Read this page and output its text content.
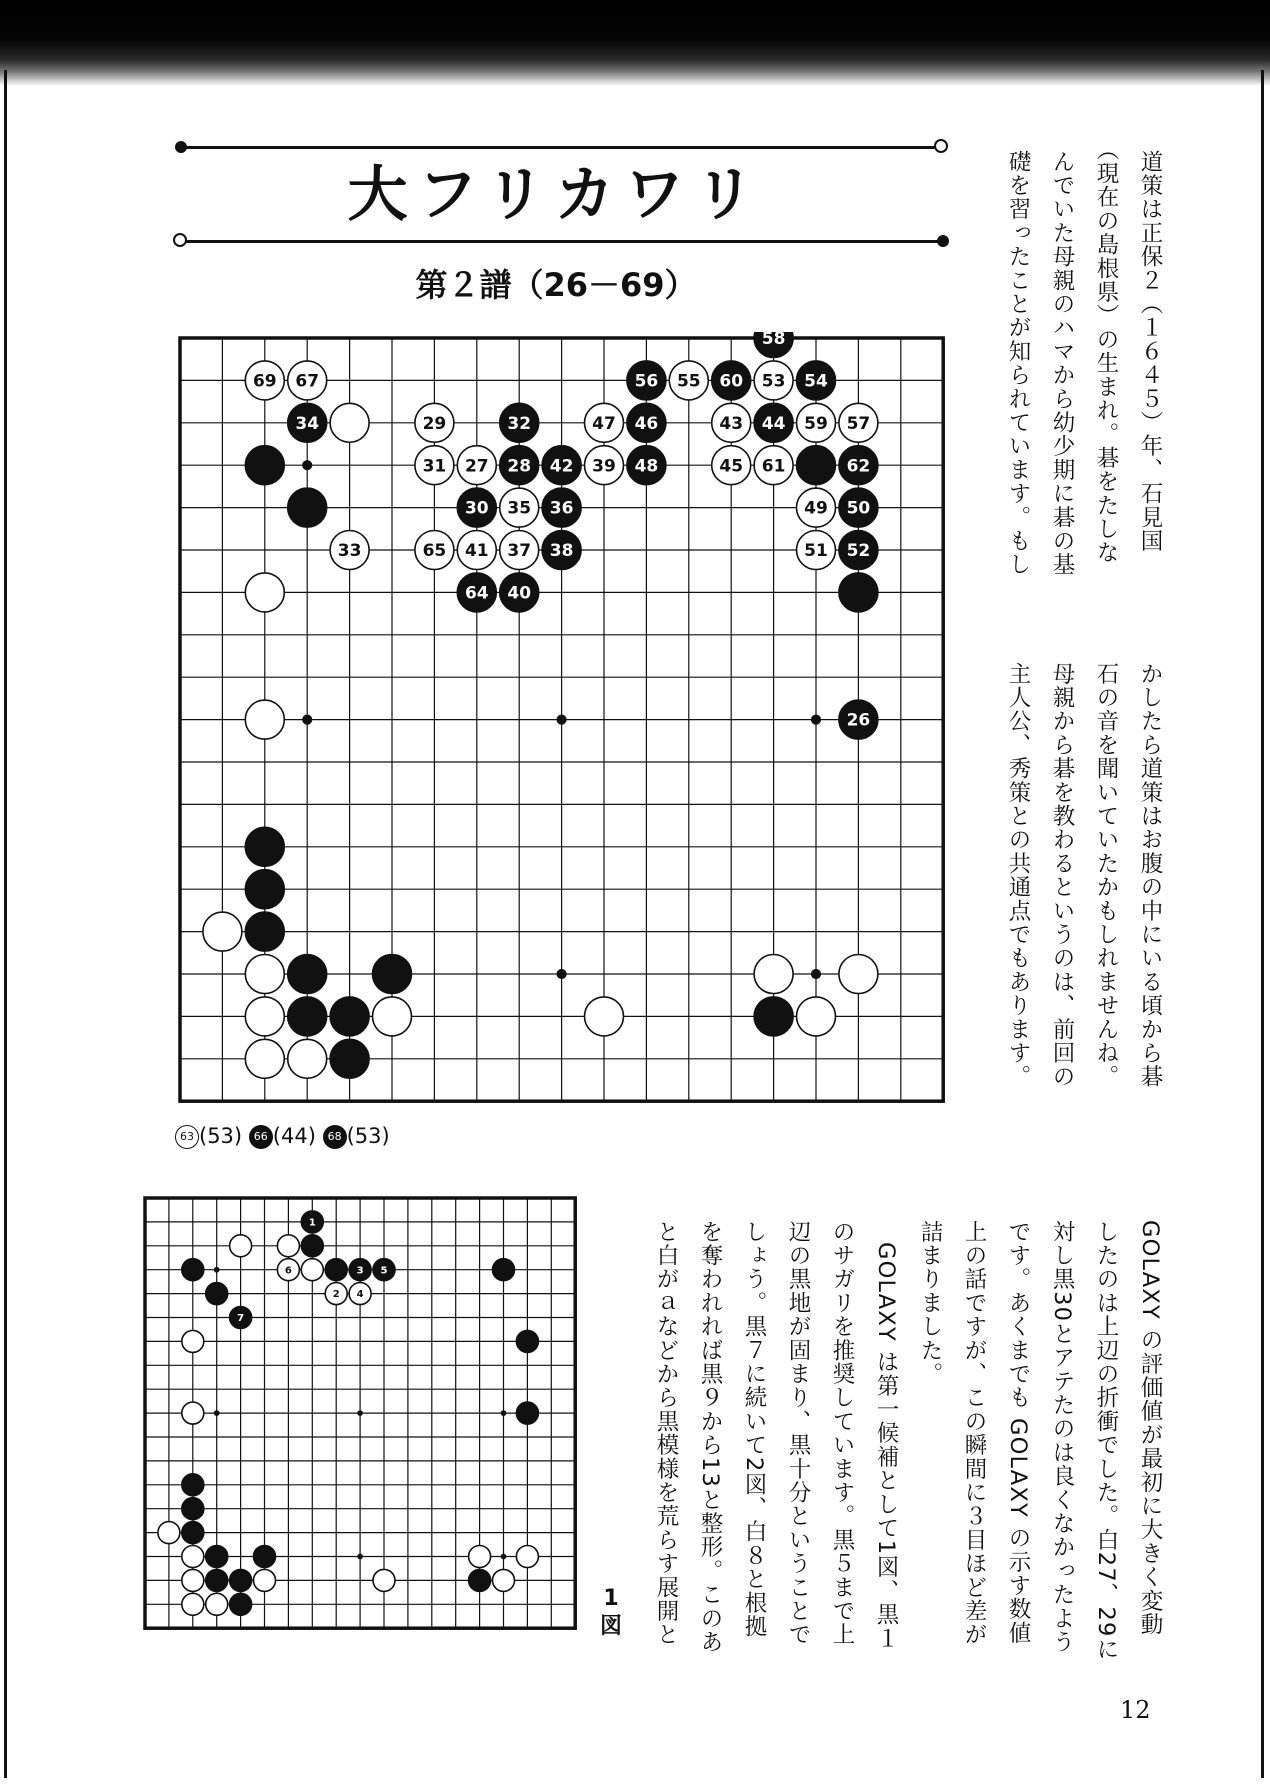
大フリカワリ
第２譜（26－69）
26
27 28
29
30
31
32
33
34
35 36
37 38
39
40
41
42
43 44
45
46
47
48
49 50
51 52
53 54
55
56
57
58
59
60
61	62
64
65
67
69
63 (53) 66 (44) 68 (53)
1
2
3
4
5
6
7
1図
道策は正保２（１６４５）年、石見国
（現在の島根県）の生まれ。碁をたしな
んでいた母親のハマから幼少期に碁の基
礎を習ったことが知られています。もし
かしたら道策はお腹の中にいる頃から碁
石の音を聞いていたかもしれませんね。
母親から碁を教わるというのは、前回の
主人公、秀策との共通点でもあります。
GOLAXY の評価値が最初に大きく変動
したのは上辺の折衝でした。白27、29に
対し黒30とアテたのは良くなかったよう
です。あくまでも GOLAXY の示す数値
上の話ですが、この瞬間に３目ほど差が
詰まりました。
GOLAXY は第一候補として1図、黒１
のサガリを推奨しています。黒５まで上
辺の黒地が固まり、黒十分ということで
しょう。黒７に続いて2図、白８と根拠
を奪われれば黒９から13と整形。このあ
と白がａなどから黒模様を荒らす展開と
12
